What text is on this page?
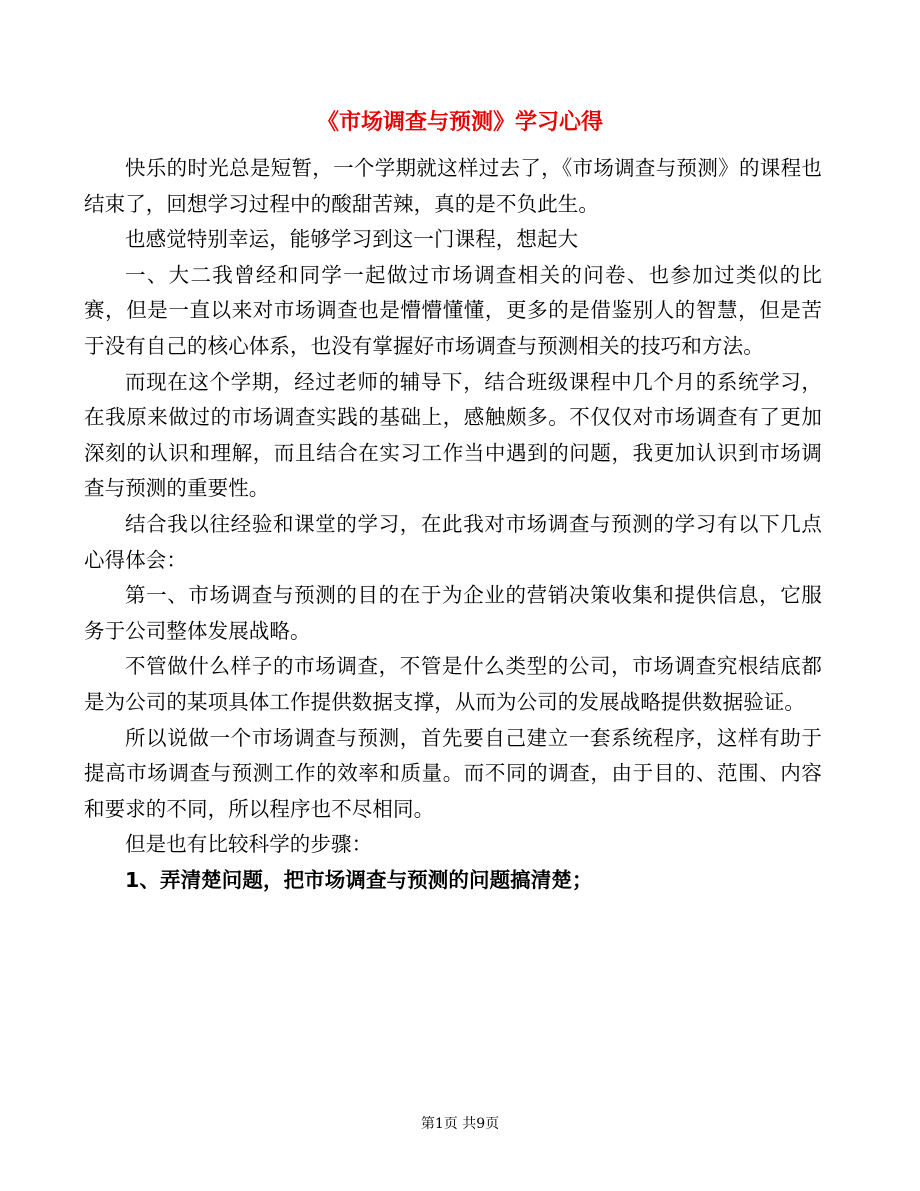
《市场调查与预测》学习心得

快乐的时光总是短暂，一个学期就这样过去了，《市场调查与预测》的课程也结束了，回想学习过程中的酸甜苦辣，真的是不负此生。

也感觉特别幸运，能够学习到这一门课程，想起大

一、大二我曾经和同学一起做过市场调查相关的问卷、也参加过类似的比赛，但是一直以来对市场调查也是懵懵懂懂，更多的是借鉴别人的智慧，但是苦于没有自己的核心体系，也没有掌握好市场调查与预测相关的技巧和方法。

而现在这个学期，经过老师的辅导下，结合班级课程中几个月的系统学习，在我原来做过的市场调查实践的基础上，感触颇多。不仅仅对市场调查有了更加深刻的认识和理解，而且结合在实习工作当中遇到的问题，我更加认识到市场调查与预测的重要性。

结合我以往经验和课堂的学习，在此我对市场调查与预测的学习有以下几点心得体会：

第一、市场调查与预测的目的在于为企业的营销决策收集和提供信息，它服务于公司整体发展战略。

不管做什么样子的市场调查，不管是什么类型的公司，市场调查究根结底都是为公司的某项具体工作提供数据支撑，从而为公司的发展战略提供数据验证。

所以说做一个市场调查与预测，首先要自己建立一套系统程序，这样有助于提高市场调查与预测工作的效率和质量。而不同的调查，由于目的、范围、内容和要求的不同，所以程序也不尽相同。

但是也有比较科学的步骤：

1、弄清楚问题，把市场调查与预测的问题搞清楚；

第1页 共9页
